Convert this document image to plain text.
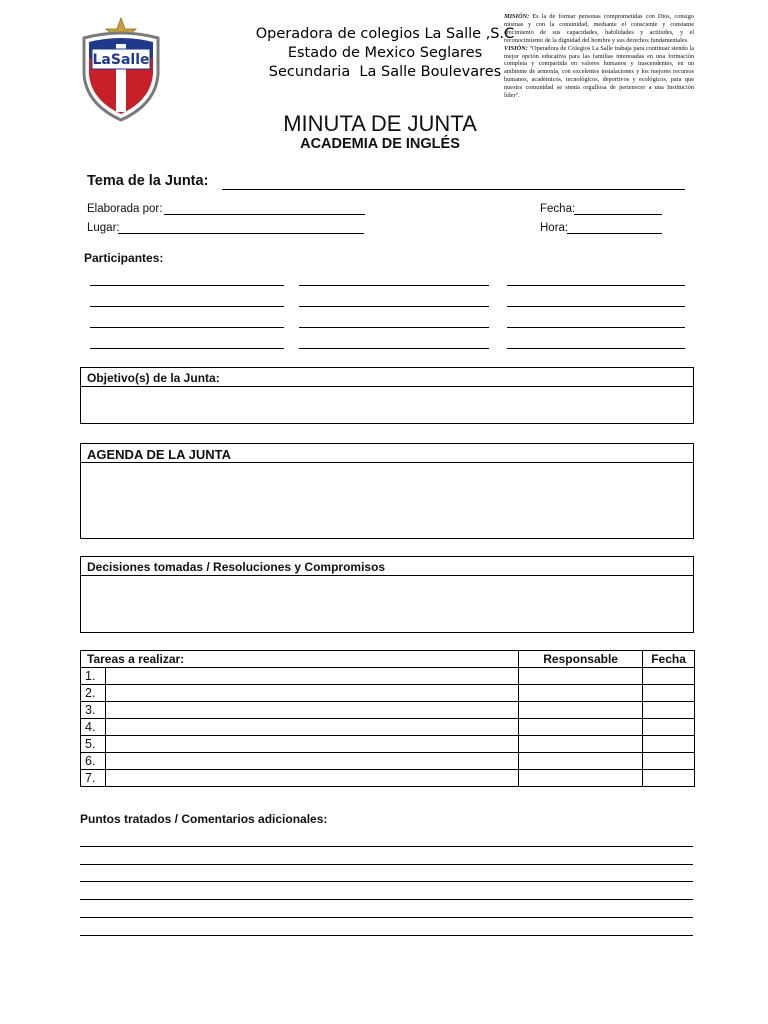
LaSalle
Operadora de colegios La Salle ,S.C
Estado de Mexico Seglares
Secundaria  La Salle Boulevares
MISIÓN: Es la de formar personas comprometidas con Dios, consigo mismas y con la comunidad, mediante el consciente y constante crecimiento de sus capacidades, habilidades y actitudes, y el reconocimiento de la dignidad del hombre y sus derechos fundamentales.
VISIÓN: "Operadora de Colegios La Salle trabaja para continuar siendo la mejor opción educativa para las familias interesadas en una formación completa y compartida en valores humanos y trascendentes, en un ambiente de armonía, con excelentes instalaciones y los mejores recursos humanos, académicos, tecnológicos, deportivos y ecológicos, para que nuestra comunidad se sienta orgullosa de pertenecer a una Institución líder".
MINUTA DE JUNTA
ACADEMIA DE INGLÉS
Tema de la Junta:
Elaborada por:
Lugar:
Fecha:
Hora:
Participantes:
Objetivo(s) de la Junta:
AGENDA DE LA JUNTA
Decisiones tomadas / Resoluciones y Compromisos
Tareas a realizar:		Responsable	Fecha
1.			
2.			
3.			
4.			
5.			
6.			
7.			
Puntos tratados / Comentarios adicionales:
